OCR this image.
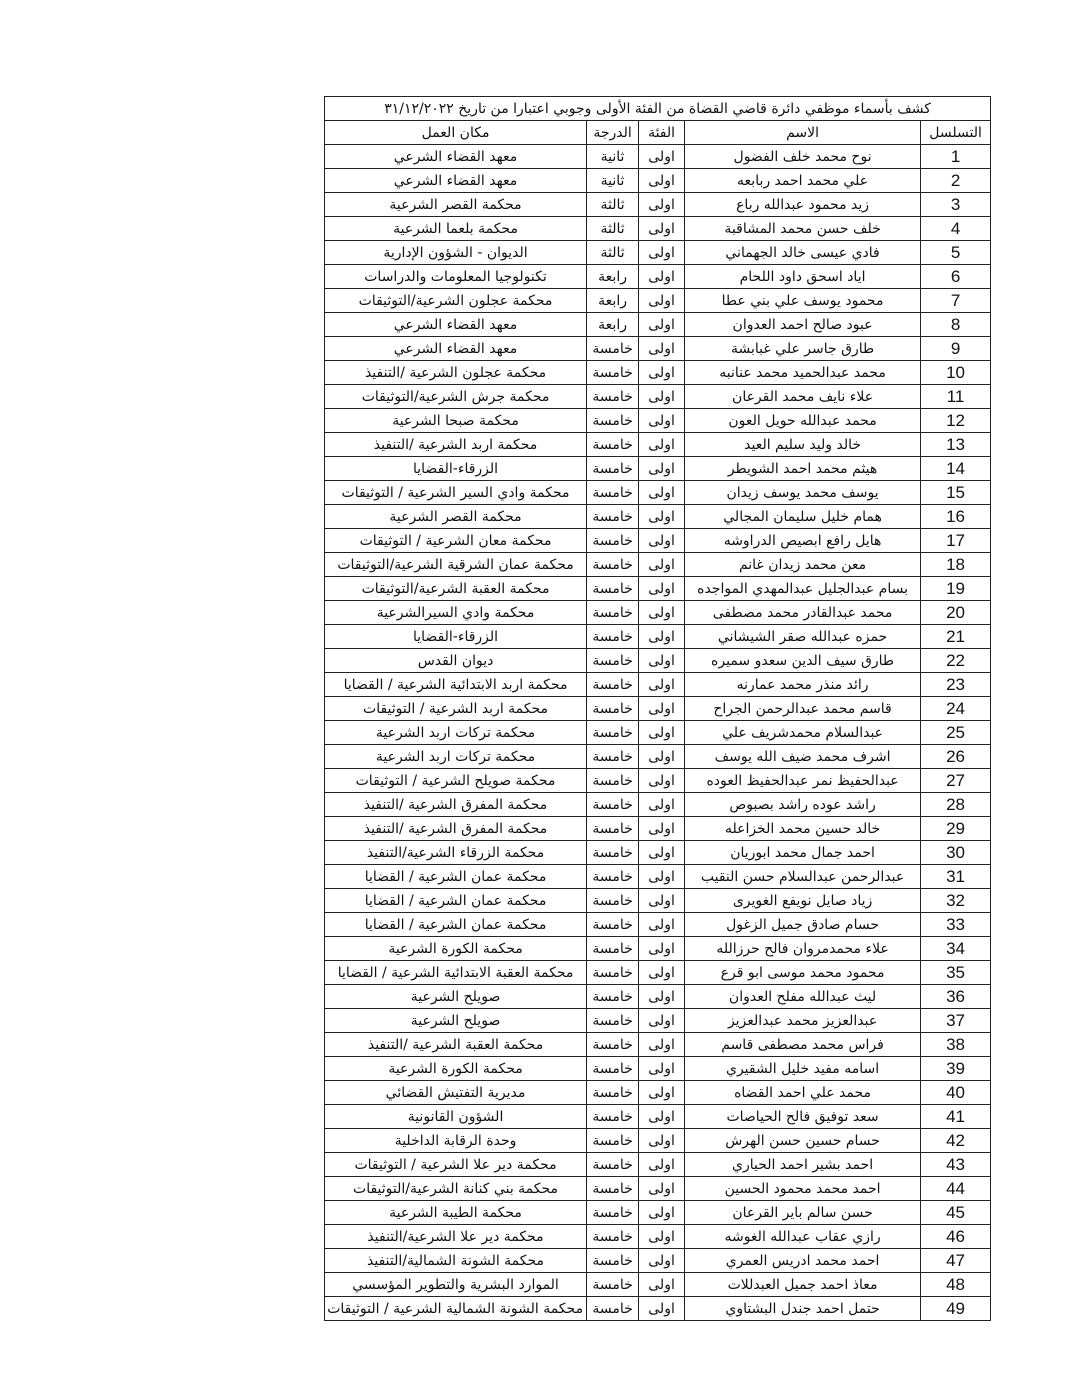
كشف بأسماء موظفي دائرة قاضي القضاة من الفئة الأولى وجوبي اعتبارا من تاريخ ٣١/١٢/٢٠٢٢				
التسلسل	الاسم	الفئة	الدرجة	مكان العمل
1	نوح محمد خلف الفضول	اولى	ثانية	معهد القضاء الشرعي
2	علي محمد احمد ربابعه	اولى	ثانية	معهد القضاء الشرعي
3	زيد محمود عبدالله رباع	اولى	ثالثة	محكمة القصر الشرعية
4	خلف حسن محمد المشاقبة	اولى	ثالثة	محكمة بلعما الشرعية
5	فادي عيسى خالد الجهماني	اولى	ثالثة	الديوان - الشؤون الإدارية
6	اياد اسحق داود اللحام	اولى	رابعة	تكنولوجيا المعلومات والدراسات
7	محمود يوسف علي بني عطا	اولى	رابعة	محكمة عجلون الشرعية/التوثيقات
8	عبود صالح احمد العدوان	اولى	رابعة	معهد القضاء الشرعي
9	طارق جاسر علي غبابشة	اولى	خامسة	معهد القضاء الشرعي
10	محمد عبدالحميد محمد عنانبه	اولى	خامسة	محكمة عجلون الشرعية /التنفيذ
11	علاء نايف محمد القرعان	اولى	خامسة	محكمة جرش الشرعية/التوثيقات
12	محمد عبدالله حويل العون	اولى	خامسة	محكمة صبحا الشرعية
13	خالد وليد سليم العيد	اولى	خامسة	محكمة اربد الشرعية /التنفيذ
14	هيثم محمد احمد الشويطر	اولى	خامسة	الزرقاء-القضايا
15	يوسف محمد يوسف زيدان	اولى	خامسة	محكمة وادي السير الشرعية / التوثيقات
16	همام خليل سليمان المجالي	اولى	خامسة	محكمة القصر الشرعية
17	هايل رافع ابصيص الدراوشه	اولى	خامسة	محكمة معان الشرعية / التوثيقات
18	معن محمد زيدان غانم	اولى	خامسة	محكمة عمان الشرقية الشرعية/التوثيقات
19	بسام عبدالجليل عبدالمهدي المواجده	اولى	خامسة	محكمة العقبة الشرعية/التوثيقات
20	محمد عبدالقادر محمد مصطفى	اولى	خامسة	محكمة وادي السيرالشرعية
21	حمزه عبدالله صقر الشيشاني	اولى	خامسة	الزرقاء-القضايا
22	طارق سيف الدين سعدو سميره	اولى	خامسة	ديوان القدس
23	رائد منذر محمد عمارنه	اولى	خامسة	محكمة اربد الابتدائية الشرعية / القضايا
24	قاسم محمد عبدالرحمن الجراح	اولى	خامسة	محكمة اربد الشرعية / التوثيقات
25	عبدالسلام محمدشريف علي	اولى	خامسة	محكمة تركات اربد الشرعية
26	اشرف محمد ضيف الله يوسف	اولى	خامسة	محكمة تركات اربد الشرعية
27	عبدالحفيظ نمر عبدالحفيظ العوده	اولى	خامسة	محكمة صويلح الشرعية / التوثيقات
28	راشد عوده راشد بصبوص	اولى	خامسة	محكمة المفرق الشرعية /التنفيذ
29	خالد حسين محمد الخزاعله	اولى	خامسة	محكمة المفرق الشرعية /التنفيذ
30	احمد جمال محمد ابوريان	اولى	خامسة	محكمة الزرقاء الشرعية/التنفيذ
31	عبدالرحمن عبدالسلام حسن النقيب	اولى	خامسة	محكمة عمان الشرعية / القضايا
32	زياد صايل نويفع الغويرى	اولى	خامسة	محكمة عمان الشرعية / القضايا
33	حسام صادق جميل الزغول	اولى	خامسة	محكمة عمان الشرعية / القضايا
34	علاء محمدمروان فالح حرزالله	اولى	خامسة	محكمة الكورة الشرعية
35	محمود محمد موسى ابو قرع	اولى	خامسة	محكمة العقبة الابتدائية الشرعية / القضايا
36	ليث عبدالله مفلح العدوان	اولى	خامسة	صويلح الشرعية
37	عبدالعزيز محمد عبدالعزيز	اولى	خامسة	صويلح الشرعية
38	فراس محمد مصطفى قاسم	اولى	خامسة	محكمة العقبة الشرعية /التنفيذ
39	اسامه مفيد خليل الشقيري	اولى	خامسة	محكمة الكورة الشرعية
40	محمد علي احمد القضاه	اولى	خامسة	مديرية التفتيش القضائي
41	سعد توفيق فالح الحياصات	اولى	خامسة	الشؤون القانونية
42	حسام حسين حسن الهرش	اولى	خامسة	وحدة الرقابة الداخلية
43	احمد بشير احمد الحياري	اولى	خامسة	محكمة دير علا الشرعية / التوثيقات
44	احمد محمد محمود الحسين	اولى	خامسة	محكمة بني كنانة الشرعية/التوثيقات
45	حسن سالم باير القرعان	اولى	خامسة	محكمة الطيبة الشرعية
46	رازي عقاب عبدالله الغوشه	اولى	خامسة	محكمة دير علا الشرعية/التنفيذ
47	احمد محمد ادريس العمري	اولى	خامسة	محكمة الشونة الشمالية/التنفيذ
48	معاذ احمد جميل العبدللات	اولى	خامسة	الموارد البشرية والتطوير المؤسسي
49	حتمل احمد جندل البشتاوي	اولى	خامسة	محكمة الشونة الشمالية الشرعية / التوثيقات
